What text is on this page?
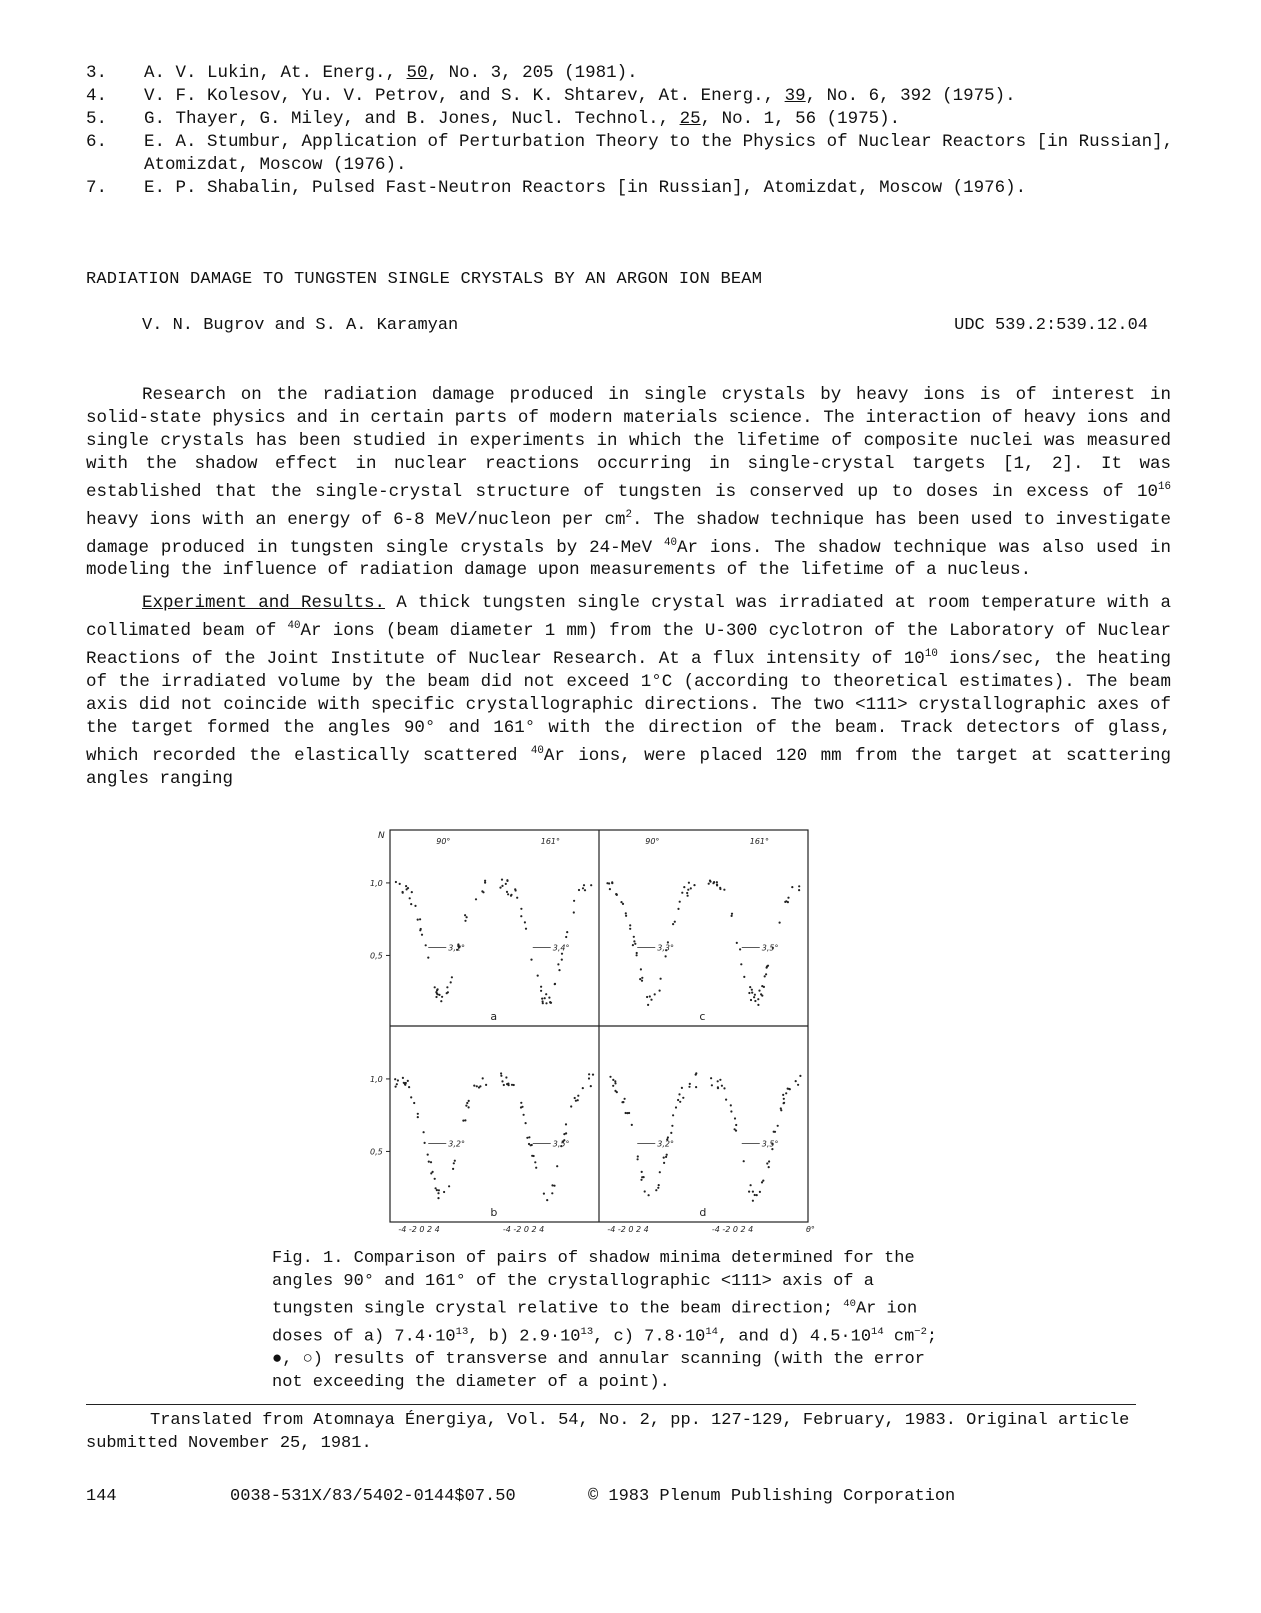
3.	A. V. Lukin, At. Energ., 50, No. 3, 205 (1981).
4.	V. F. Kolesov, Yu. V. Petrov, and S. K. Shtarev, At. Energ., 39, No. 6, 392 (1975).
5.	G. Thayer, G. Miley, and B. Jones, Nucl. Technol., 25, No. 1, 56 (1975).
6.	E. A. Stumbur, Application of Perturbation Theory to the Physics of Nuclear Reactors [in Russian], Atomizdat, Moscow (1976).
7.	E. P. Shabalin, Pulsed Fast-Neutron Reactors [in Russian], Atomizdat, Moscow (1976).
RADIATION DAMAGE TO TUNGSTEN SINGLE CRYSTALS BY AN ARGON ION BEAM
V. N. Bugrov and S. A. Karamyan	UDC 539.2:539.12.04

Research on the radiation damage produced in single crystals by heavy ions is of interest in solid-state physics and in certain parts of modern materials science. The interaction of heavy ions and single crystals has been studied in experiments in which the lifetime of composite nuclei was measured with the shadow effect in nuclear reactions occurring in single-crystal targets [1, 2]. It was established that the single-crystal structure of tungsten is conserved up to doses in excess of $10^{16}$ heavy ions with an energy of 6-8 MeV/nucleon per $cm^2$. The shadow technique has been used to investigate damage produced in tungsten single crystals by 24-MeV $^{40}$Ar ions. The shadow technique was also used in modeling the influence of radiation damage upon measurements of the lifetime of a nucleus.

Experiment and Results. A thick tungsten single crystal was irradiated at room temperature with a collimated beam of $^{40}$Ar ions (beam diameter 1 mm) from the U-300 cyclotron of the Laboratory of Nuclear Reactions of the Joint Institute of Nuclear Research. At a flux intensity of $10^{10}$ ions/sec, the heating of the irradiated volume by the beam did not exceed 1°C (according to theoretical estimates). The beam axis did not coincide with specific crystallographic directions. The two <111> crystallographic axes of the target formed the angles 90° and 161° with the direction of the beam. Track detectors of glass, which recorded the elastically scattered $^{40}$Ar ions, were placed 120 mm from the target at scattering angles ranging

N
1,0
0,5
3,1°
90°
3,4°
161°
a
3,3°
90°
3,5°
161°
c
1,0
0,5
3,2°	3,5°
b
-4 -2 0 2 4	-4 -2 0 2 4
3,2°	3,5°
d
-4 -2 0 2 4	-4 -2 0 2 4	θ°
Fig. 1. Comparison of pairs of shadow minima determined for the angles 90° and 161° of the crystallographic <111> axis of a tungsten single crystal relative to the beam direction; $^{40}$Ar ion doses of a) $7.4\cdot 10^{13}$, b) $2.9\cdot 10^{13}$, c) $7.8\cdot 10^{14}$, and d) $4.5\cdot 10^{14}$ $cm^{-2}$; ●, ○) results of transverse and annular scanning (with the error not exceeding the diameter of a point).
Translated from Atomnaya Énergiya, Vol. 54, No. 2, pp. 127-129, February, 1983. Original article submitted November 25, 1981.
144	0038-531X/83/5402-0144$07.50	© 1983 Plenum Publishing Corporation
